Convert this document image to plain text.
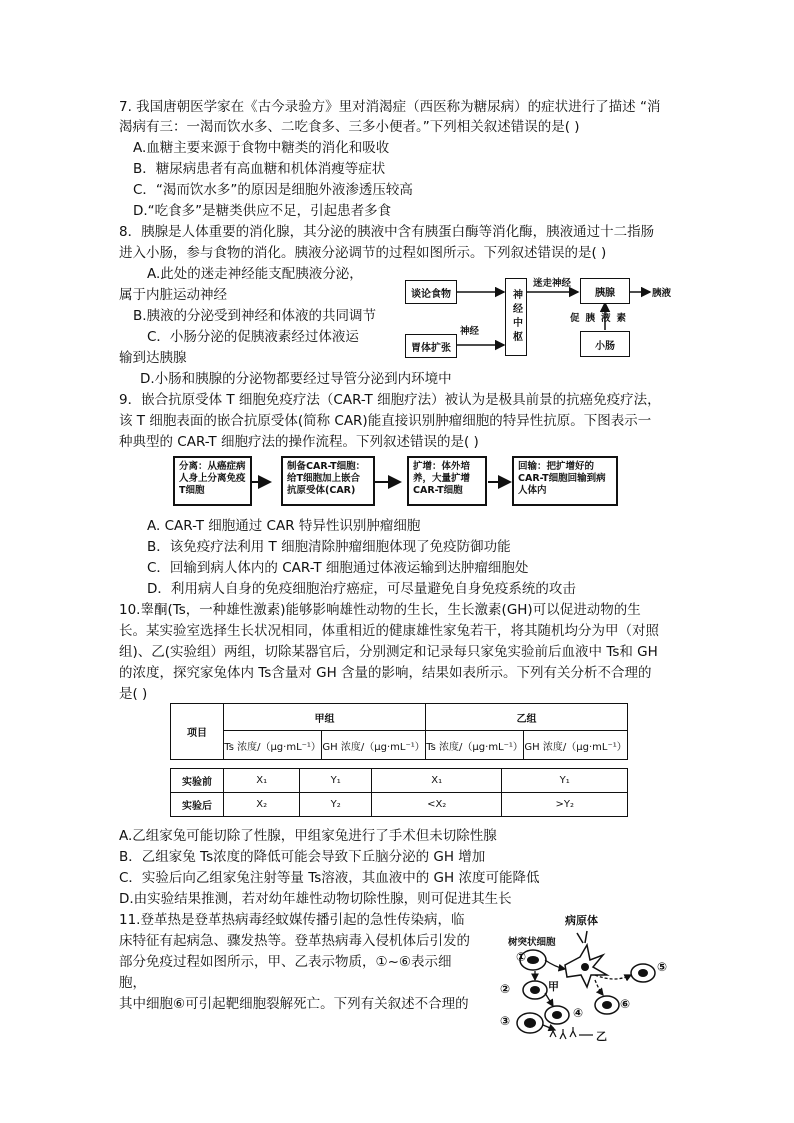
7. 我国唐朝医学家在《古今录验方》里对消渴症（西医称为糖尿病）的症状进行了描述 “消
渴病有三：一渴而饮水多、二吃食多、三多小便者。”下列相关叙述错误的是( )
A.血糖主要来源于食物中糖类的消化和吸收
B．糖尿病患者有高血糖和机体消瘦等症状
C．“渴而饮水多”的原因是细胞外液渗透压较高
D.“吃食多”是糖类供应不足，引起患者多食
8．胰腺是人体重要的消化腺，其分泌的胰液中含有胰蛋白酶等消化酶，胰液通过十二指肠
进入小肠，参与食物的消化。胰液分泌调节的过程如图所示。下列叙述错误的是( )
A.此处的迷走神经能支配胰液分泌，
属于内脏运动神经
B.胰液的分泌受到神经和体液的共同调节
C．小肠分泌的促胰液素经过体液运
输到达胰腺
D.小肠和胰腺的分泌物都要经过导管分泌到内环境中
谈论食物
胃体扩张
神经中枢	胰腺
小肠
迷走神经
神经
胰液
促胰液素
9．嵌合抗原受体 T 细胞免疫疗法（CAR-T 细胞疗法）被认为是极具前景的抗癌免疫疗法，
该 T 细胞表面的嵌合抗原受体(简称 CAR)能直接识别肿瘤细胞的特异性抗原。下图表示一
种典型的 CAR-T 细胞疗法的操作流程。下列叙述错误的是( )
分离：从癌症病人身上分离免疫T细胞
制备CAR-T细胞：给T细胞加上嵌合抗原受体(CAR)
扩增：体外培养，大量扩增CAR-T细胞
回输：把扩增好的CAR-T细胞回输到病人体内
A. CAR-T 细胞通过 CAR 特异性识别肿瘤细胞
B．该免疫疗法利用 T 细胞清除肿瘤细胞体现了免疫防御功能
C．回输到病人体内的 CAR-T 细胞通过体液运输到达肿瘤细胞处
D．利用病人自身的免疫细胞治疗癌症，可尽量避免自身免疫系统的攻击
10.睾酮(Ts，一种雄性激素)能够影响雄性动物的生长，生长激素(GH)可以促进动物的生
长。某实验室选择生长状况相同，体重相近的健康雄性家兔若干，将其随机均分为甲（对照
组)、乙(实验组）两组，切除某器官后，分别测定和记录每只家兔实验前后血液中 Ts和 GH
的浓度，探究家兔体内 Ts含量对 GH 含量的影响，结果如表所示。下列有关分析不合理的
是( )
项目	甲组		乙组	
	Ts 浓度/（μg·mL⁻¹）	GH 浓度/（μg·mL⁻¹）	Ts 浓度/（μg·mL⁻¹）	GH 浓度/（μg·mL⁻¹）
实验前	X₁	Y₁	X₁	Y₁
实验后	X₂	Y₂	<X₂	>Y₂
A.乙组家兔可能切除了性腺，甲组家兔进行了手术但未切除性腺
B．乙组家兔 Ts浓度的降低可能会导致下丘脑分泌的 GH 增加
C．实验后向乙组家兔注射等量 Ts溶液，其血液中的 GH 浓度可能降低
D.由实验结果推测，若对幼年雄性动物切除性腺，则可促进其生长
11.登革热是登革热病毒经蚊媒传播引起的急性传染病，临
床特征有起病急、骤发热等。登革热病毒入侵机体后引发的
部分免疫过程如图所示，甲、乙表示物质，①~⑥表示细
胞，
其中细胞⑥可引起靶细胞裂解死亡。下列有关叙述不合理的
病原体
树突状细胞
①
②
③
④
⑤
⑥
甲
乙
